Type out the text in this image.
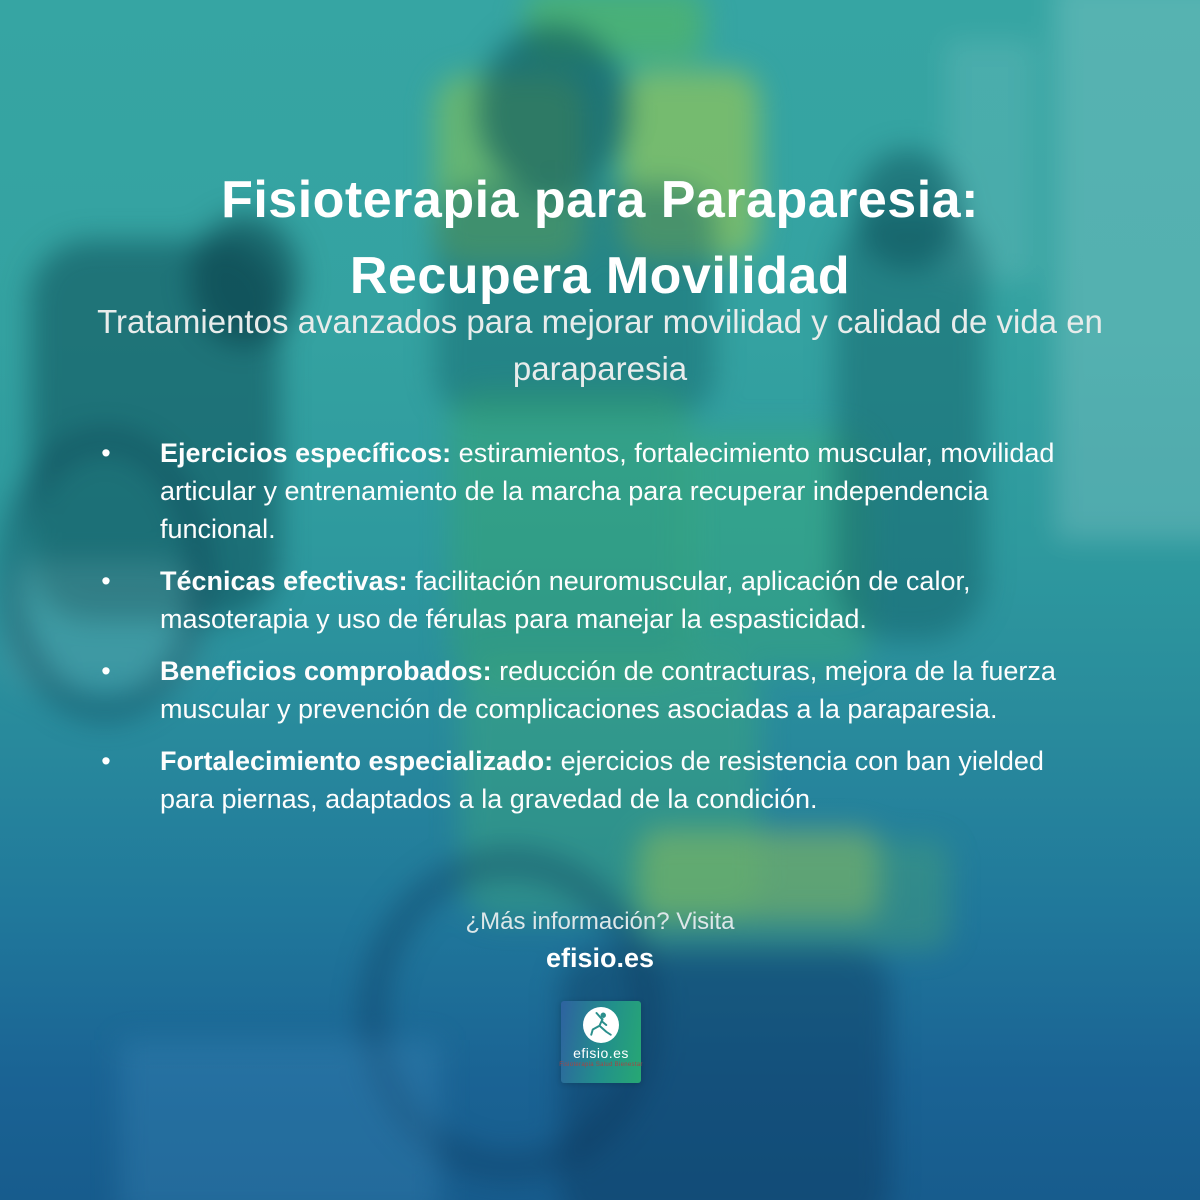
Fisioterapia para Paraparesia:
Recupera Movilidad

Tratamientos avanzados para mejorar movilidad y calidad de vida en paraparesia

• Ejercicios específicos: estiramientos, fortalecimiento muscular, movilidad articular y entrenamiento de la marcha para recuperar independencia funcional.
• Técnicas efectivas: facilitación neuromuscular, aplicación de calor, masoterapia y uso de férulas para manejar la espasticidad.
• Beneficios comprobados: reducción de contracturas, mejora de la fuerza muscular y prevención de complicaciones asociadas a la paraparesia.
• Fortalecimiento especializado: ejercicios de resistencia con ban yielded para piernas, adaptados a la gravedad de la condición.
¿Más información? Visita
efisio.es
efisio.es
Fisioterapia Salud Bienestar
